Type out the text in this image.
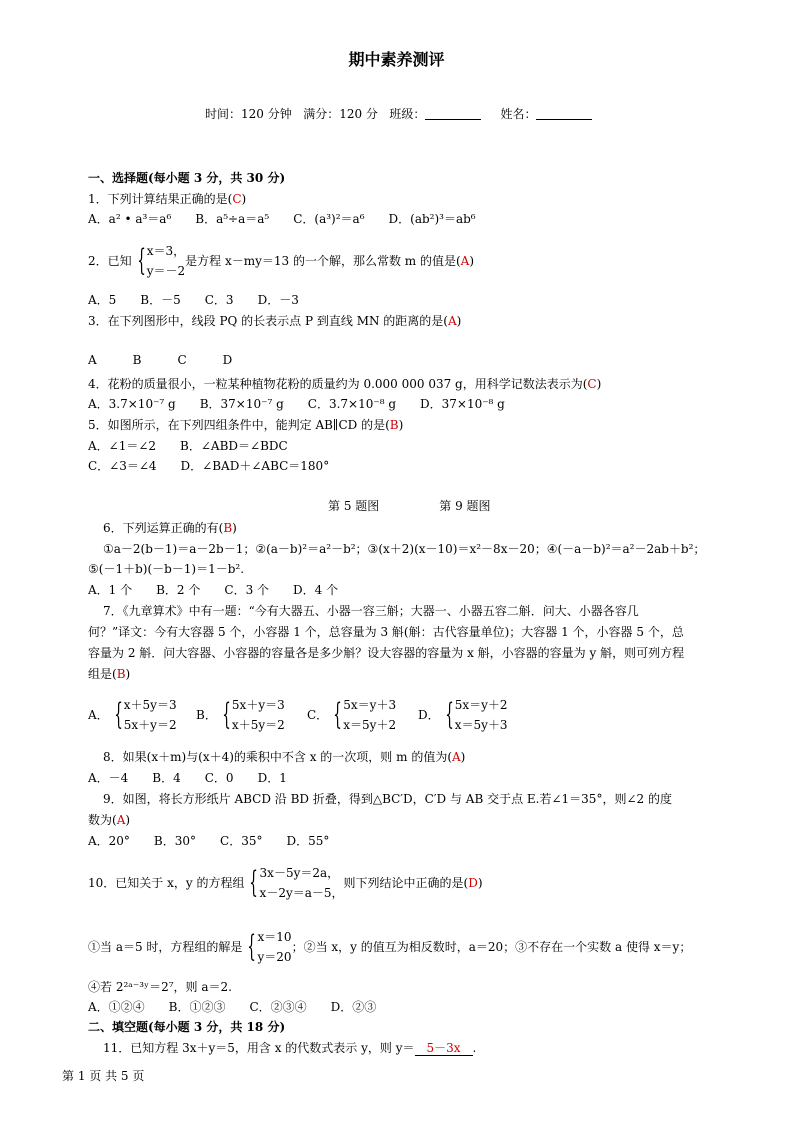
期中素养测评
时间：120 分钟 满分：120 分 班级：	姓名：
一、选择题(每小题 3 分，共 30 分)
1．下列计算结果正确的是(C)
A．a² • a³＝a⁶　　B．a⁵÷a＝a⁵　　C．(a³)²＝a⁶　　D．(ab²)³＝ab⁶
2．已知 { x＝3，
y＝－2
是方程 x－my＝13 的一个解，那么常数 m 的值是(A)
A．5　　B．－5　　C．3　　D．－3
3．在下列图形中，线段 PQ 的长表示点 P 到直线 MN 的距离的是(A)
A　　　B　　　C　　　D
4．花粉的质量很小，一粒某种植物花粉的质量约为 0.000 000 037 g，用科学记数法表示为(C)
A．3.7×10⁻⁷ g　　B．37×10⁻⁷ g　　C．3.7×10⁻⁸ g　　D．37×10⁻⁸ g
5．如图所示，在下列四组条件中，能判定 AB∥CD 的是(B)
A．∠1＝∠2　　B．∠ABD＝∠BDC
C．∠3＝∠4　　D．∠BAD＋∠ABC＝180°
第 5 题图　　　　　第 9 题图
6．下列运算正确的有(B)
①a－2(b－1)＝a－2b－1；②(a－b)²＝a²－b²；③(x＋2)(x－10)＝x²－8x－20；④(－a－b)²＝a²－2ab＋b²；
⑤(－1＋b)(－b－1)＝1－b².
A．1 个　　B．2 个　　C．3 个　　D．4 个
7．《九章算术》中有一题：“今有大器五、小器一容三斛；大器一、小器五容二斛．问大、小器各容几
何？”译文：今有大容器 5 个，小容器 1 个，总容量为 3 斛(斛：古代容量单位)；大容器 1 个，小容器 5 个，总
容量为 2 斛．问大容器、小容器的容量各是多少斛？设大容器的容量为 x 斛，小容器的容量为 y 斛，则可列方程
组是(B)
A． { x＋5y＝3
5x＋y＝2
B． { 5x＋y＝3
x＋5y＝2
C． { 5x＝y＋3
x＝5y＋2
D． { 5x＝y＋2
x＝5y＋3
8．如果(x＋m)与(x＋4)的乘积中不含 x 的一次项，则 m 的值为(A)
A．－4　　B．4　　C．0　　D．1
9．如图，将长方形纸片 ABCD 沿 BD 折叠，得到△BC′D，C′D 与 AB 交于点 E.若∠1＝35°，则∠2 的度
数为(A)
A．20°　　B．30°　　C．35°　　D．55°
10．已知关于 x，y 的方程组 { 3x－5y＝2a，
x－2y＝a－5，
则下列结论中正确的是(D)
①当 a＝5 时，方程组的解是 { x＝10
y＝20
；②当 x，y 的值互为相反数时，a＝20；③不存在一个实数 a 使得 x＝y；
④若 2²ᵃ⁻³ʸ＝2⁷，则 a＝2.
A．①②④　　B．①②③　　C．②③④　　D．②③
二、填空题(每小题 3 分，共 18 分)
11．已知方程 3x＋y＝5，用含 x 的代数式表示 y，则 y＝ 5－3x .
第 1 页 共 5 页
